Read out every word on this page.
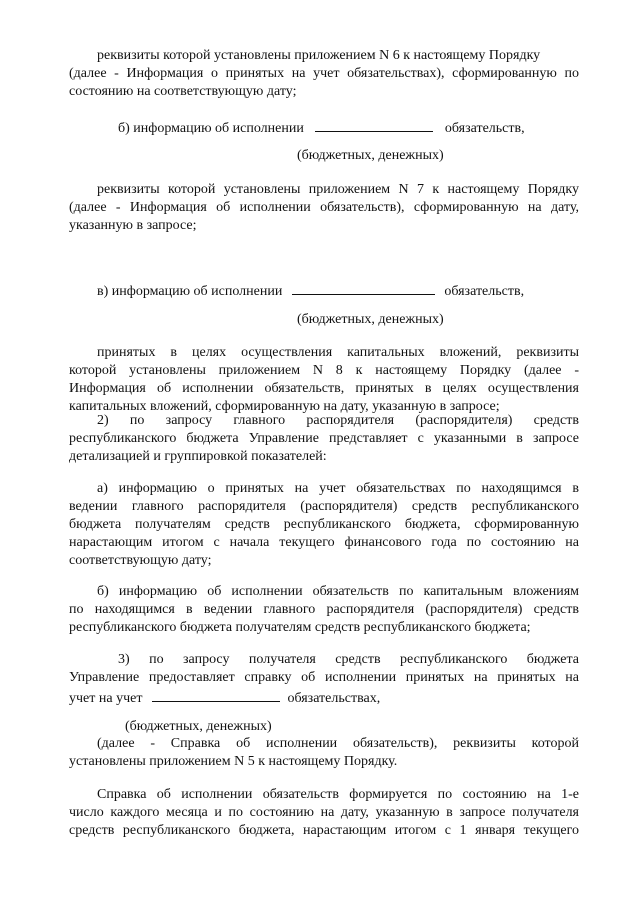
реквизиты которой установлены приложением N 6 к настоящему Порядку
(далее - Информация о принятых на учет обязательствах), сформированную по
состоянию на соответствующую дату;
б) информацию об исполнении	обязательств,
(бюджетных, денежных)
реквизиты которой установлены приложением N 7 к настоящему Порядку
(далее - Информация об исполнении обязательств), сформированную на дату,
указанную в запросе;
в) информацию об исполнении	обязательств,
(бюджетных, денежных)
принятых в целях осуществления капитальных вложений, реквизиты
которой установлены приложением N 8 к настоящему Порядку (далее -
Информация об исполнении обязательств, принятых в целях осуществления
капитальных вложений, сформированную на дату, указанную в запросе;
2) по запросу главного распорядителя (распорядителя) средств
республиканского бюджета Управление представляет с указанными в запросе
детализацией и группировкой показателей:
а) информацию о принятых на учет обязательствах по находящимся в
ведении главного распорядителя (распорядителя) средств республиканского
бюджета получателям средств республиканского бюджета, сформированную
нарастающим итогом с начала текущего финансового года по состоянию на
соответствующую дату;
б) информацию об исполнении обязательств по капитальным вложениям
по находящимся в ведении главного распорядителя (распорядителя) средств
республиканского бюджета получателям средств республиканского бюджета;
3) по запросу получателя средств республиканского бюджета
Управление предоставляет справку об исполнении принятых на принятых на
учет на учет	обязательствах,
(бюджетных, денежных)
(далее - Справка об исполнении обязательств), реквизиты которой
установлены приложением N 5 к настоящему Порядку.
Справка об исполнении обязательств формируется по состоянию на 1-е
число каждого месяца и по состоянию на дату, указанную в запросе получателя
средств республиканского бюджета, нарастающим итогом с 1 января текущего
